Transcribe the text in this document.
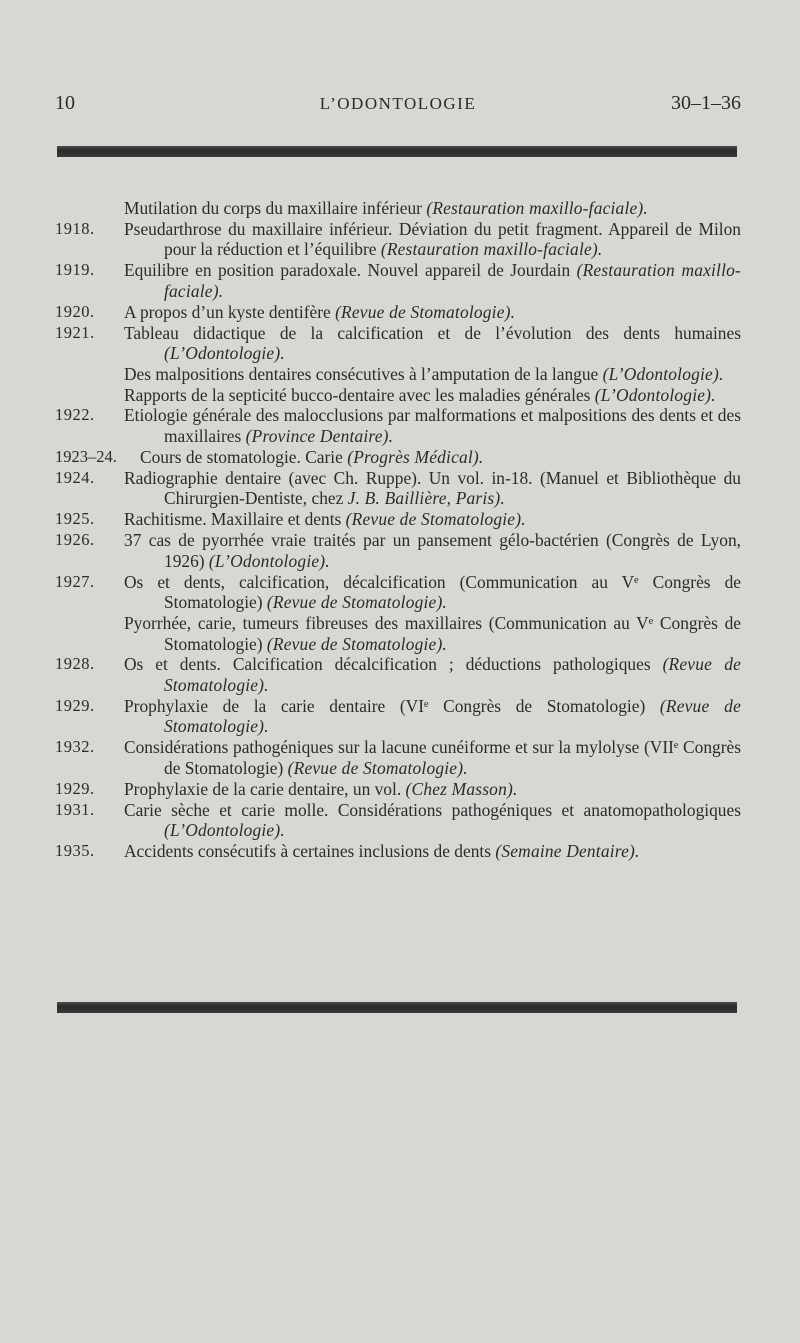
10	L’ODONTOLOGIE	30–1–36
Mutilation du corps du maxillaire inférieur (Restauration maxillo-faciale).
1918. Pseudarthrose du maxillaire inférieur. Déviation du petit fragment. Appareil de Milon pour la réduction et l’équilibre (Restauration maxillo-faciale).
1919. Equilibre en position paradoxale. Nouvel appareil de Jourdain (Restauration maxillo-faciale).
1920. A propos d’un kyste dentifère (Revue de Stomatologie).
1921. Tableau didactique de la calcification et de l’évolution des dents humaines (L’Odontologie).
Des malpositions dentaires consécutives à l’amputation de la langue (L’Odontologie).
Rapports de la septicité bucco-dentaire avec les maladies générales (L’Odontologie).
1922. Etiologie générale des malocclusions par malformations et malpositions des dents et des maxillaires (Province Dentaire).
1923–24.	Cours de stomatologie. Carie (Progrès Médical).
1924. Radiographie dentaire (avec Ch. Ruppe). Un vol. in-18. (Manuel et Bibliothèque du Chirurgien-Dentiste, chez J. B. Baillière, Paris).
1925. Rachitisme. Maxillaire et dents (Revue de Stomatologie).
1926. 37 cas de pyorrhée vraie traités par un pansement gélo-bactérien (Congrès de Lyon, 1926) (L’Odontologie).
1927. Os et dents, calcification, décalcification (Communication au Vᵉ Congrès de Stomatologie) (Revue de Stomatologie).
Pyorrhée, carie, tumeurs fibreuses des maxillaires (Communication au Vᵉ Congrès de Stomatologie) (Revue de Stomatologie).
1928. Os et dents. Calcification décalcification ; déductions pathologiques (Revue de Stomatologie).
1929. Prophylaxie de la carie dentaire (VIᵉ Congrès de Stomatologie) (Revue de Stomatologie).
1932. Considérations pathogéniques sur la lacune cunéiforme et sur la mylolyse (VIIᵉ Congrès de Stomatologie) (Revue de Stomatologie).
1929. Prophylaxie de la carie dentaire, un vol. (Chez Masson).
1931. Carie sèche et carie molle. Considérations pathogéniques et anatomopathologiques (L’Odontologie).
1935. Accidents consécutifs à certaines inclusions de dents (Semaine Dentaire).
